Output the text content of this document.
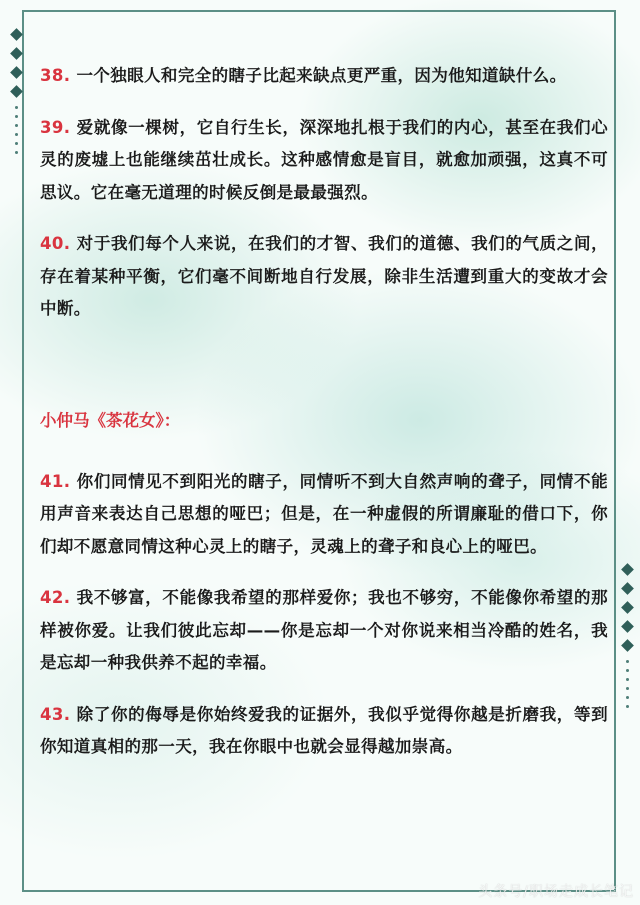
38. 一个独眼人和完全的瞎子比起来缺点更严重，因为他知道缺什么。

39. 爱就像一棵树，它自行生长，深深地扎根于我们的内心，甚至在我们心灵的废墟上也能继续茁壮成长。这种感情愈是盲目，就愈加顽强，这真不可思议。它在毫无道理的时候反倒是最最强烈。

40. 对于我们每个人来说，在我们的才智、我们的道德、我们的气质之间，存在着某种平衡，它们毫不间断地自行发展，除非生活遭到重大的变故才会中断。

小仲马《茶花女》：

41. 你们同情见不到阳光的瞎子，同情听不到大自然声响的聋子，同情不能用声音来表达自己思想的哑巴；但是，在一种虚假的所谓廉耻的借口下，你们却不愿意同情这种心灵上的瞎子，灵魂上的聋子和良心上的哑巴。

42. 我不够富，不能像我希望的那样爱你；我也不够穷，不能像你希望的那样被你爱。让我们彼此忘却——你是忘却一个对你说来相当冷酷的姓名，我是忘却一种我供养不起的幸福。

43. 除了你的侮辱是你始终爱我的证据外，我似乎觉得你越是折磨我，等到你知道真相的那一天，我在你眼中也就会显得越加崇高。

头条号/职场走成长笔记
